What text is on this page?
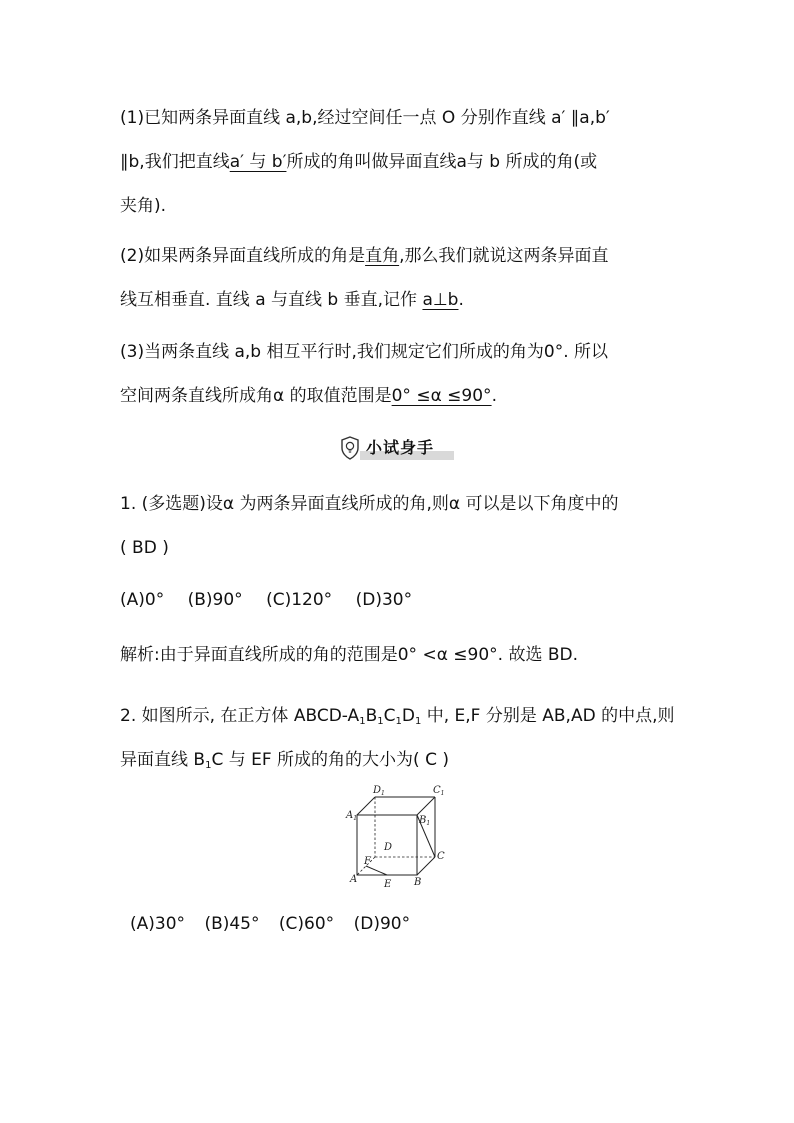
(1)已知两条异面直线 a,b,经过空间任一点 O 分别作直线 a′ ∥a,b′
∥b,我们把直线a′ 与 b′所成的角叫做异面直线a与 b 所成的角(或
夹角).
(2)如果两条异面直线所成的角是直角,那么我们就说这两条异面直
线互相垂直. 直线 a 与直线 b 垂直,记作 a⊥b.
(3)当两条直线 a,b 相互平行时,我们规定它们所成的角为0°. 所以
空间两条直线所成角α 的取值范围是0° ≤α ≤90°.
小试身手
1. (多选题)设α 为两条异面直线所成的角,则α 可以是以下角度中的
( BD )
(A)0° (B)90° (C)120° (D)30°
解析:由于异面直线所成的角的范围是0° <α ≤90°. 故选 BD.
2. 如图所示, 在正方体 ABCD-$A_1B_1C_1D_1$ 中, E,F 分别是 AB,AD 的中点,则
异面直线 $B_1C$ 与 EF 所成的角的大小为( C )
$D_1$	$C_1$
$A_1$	$B_1$
D
C
F
A	E B
(A)30° (B)45° (C)60° (D)90°
